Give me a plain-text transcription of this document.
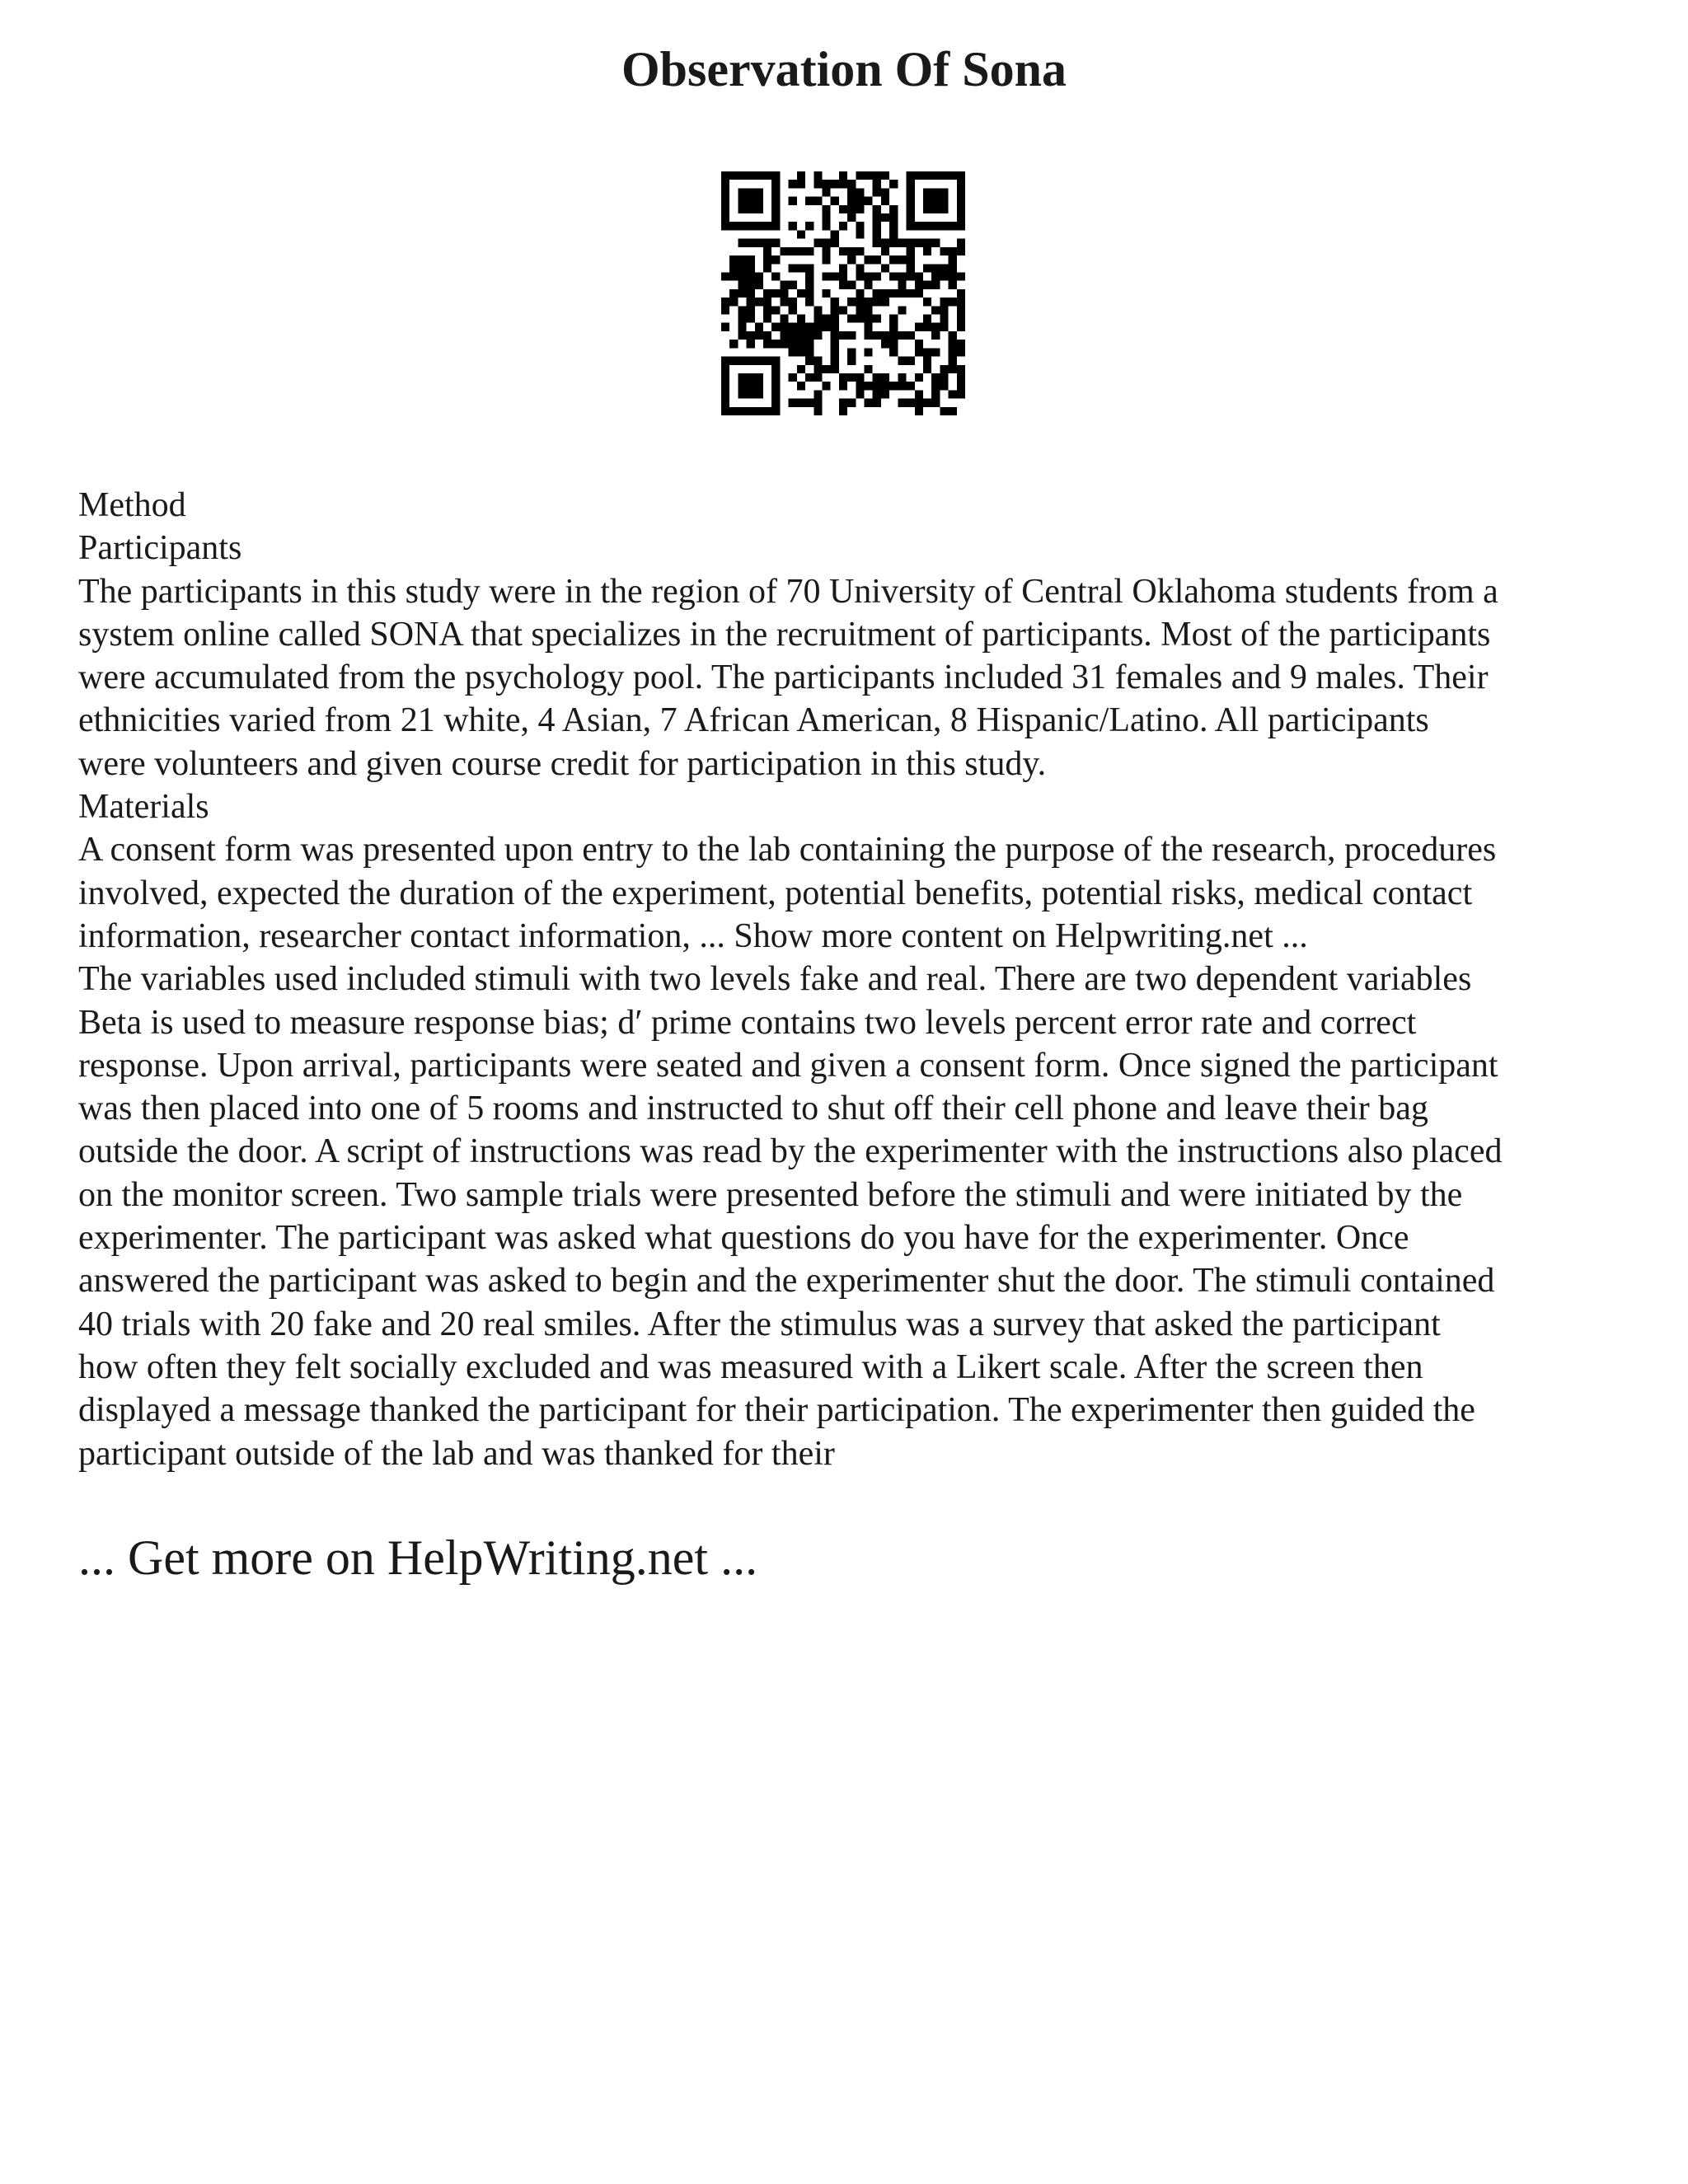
Observation Of Sona
Method
Participants
The participants in this study were in the region of 70 University of Central Oklahoma students from a
system online called SONA that specializes in the recruitment of participants. Most of the participants
were accumulated from the psychology pool. The participants included 31 females and 9 males. Their
ethnicities varied from 21 white, 4 Asian, 7 African American, 8 Hispanic/Latino. All participants
were volunteers and given course credit for participation in this study.
Materials
A consent form was presented upon entry to the lab containing the purpose of the research, procedures
involved, expected the duration of the experiment, potential benefits, potential risks, medical contact
information, researcher contact information, ... Show more content on Helpwriting.net ...
The variables used included stimuli with two levels fake and real. There are two dependent variables
Beta is used to measure response bias; d′ prime contains two levels percent error rate and correct
response. Upon arrival, participants were seated and given a consent form. Once signed the participant
was then placed into one of 5 rooms and instructed to shut off their cell phone and leave their bag
outside the door. A script of instructions was read by the experimenter with the instructions also placed
on the monitor screen. Two sample trials were presented before the stimuli and were initiated by the
experimenter. The participant was asked what questions do you have for the experimenter. Once
answered the participant was asked to begin and the experimenter shut the door. The stimuli contained
40 trials with 20 fake and 20 real smiles. After the stimulus was a survey that asked the participant
how often they felt socially excluded and was measured with a Likert scale. After the screen then
displayed a message thanked the participant for their participation. The experimenter then guided the
participant outside of the lab and was thanked for their
... Get more on HelpWriting.net ...
